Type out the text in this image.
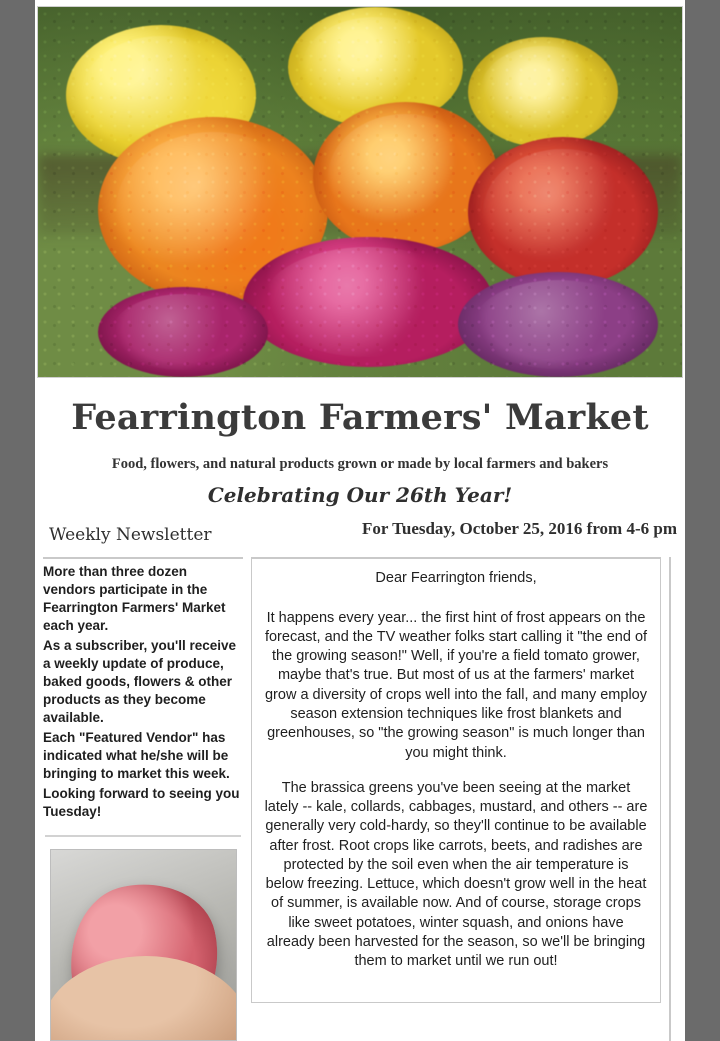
Fearrington Farmers' Market
Food, flowers, and natural products grown or made by local farmers and bakers
Celebrating Our 26th Year!
Weekly Newsletter	For Tuesday, October 25, 2016 from 4-6 pm

More than three dozen vendors participate in the Fearrington Farmers' Market each year.

As a subscriber, you'll receive a weekly update of produce, baked goods, flowers & other products as they become available.

Each "Featured Vendor" has indicated what he/she will be bringing to market this week.

Looking forward to seeing you Tuesday!

Dear Fearrington friends,

It happens every year... the first hint of frost appears on the forecast, and the TV weather folks start calling it "the end of the growing season!" Well, if you're a field tomato grower, maybe that's true. But most of us at the farmers' market grow a diversity of crops well into the fall, and many employ season extension techniques like frost blankets and greenhouses, so "the growing season" is much longer than you might think.

The brassica greens you've been seeing at the market lately -- kale, collards, cabbages, mustard, and others -- are generally very cold-hardy, so they'll continue to be available after frost. Root crops like carrots, beets, and radishes are protected by the soil even when the air temperature is below freezing. Lettuce, which doesn't grow well in the heat of summer, is available now. And of course, storage crops like sweet potatoes, winter squash, and onions have already been harvested for the season, so we'll be bringing them to market until we run out!
